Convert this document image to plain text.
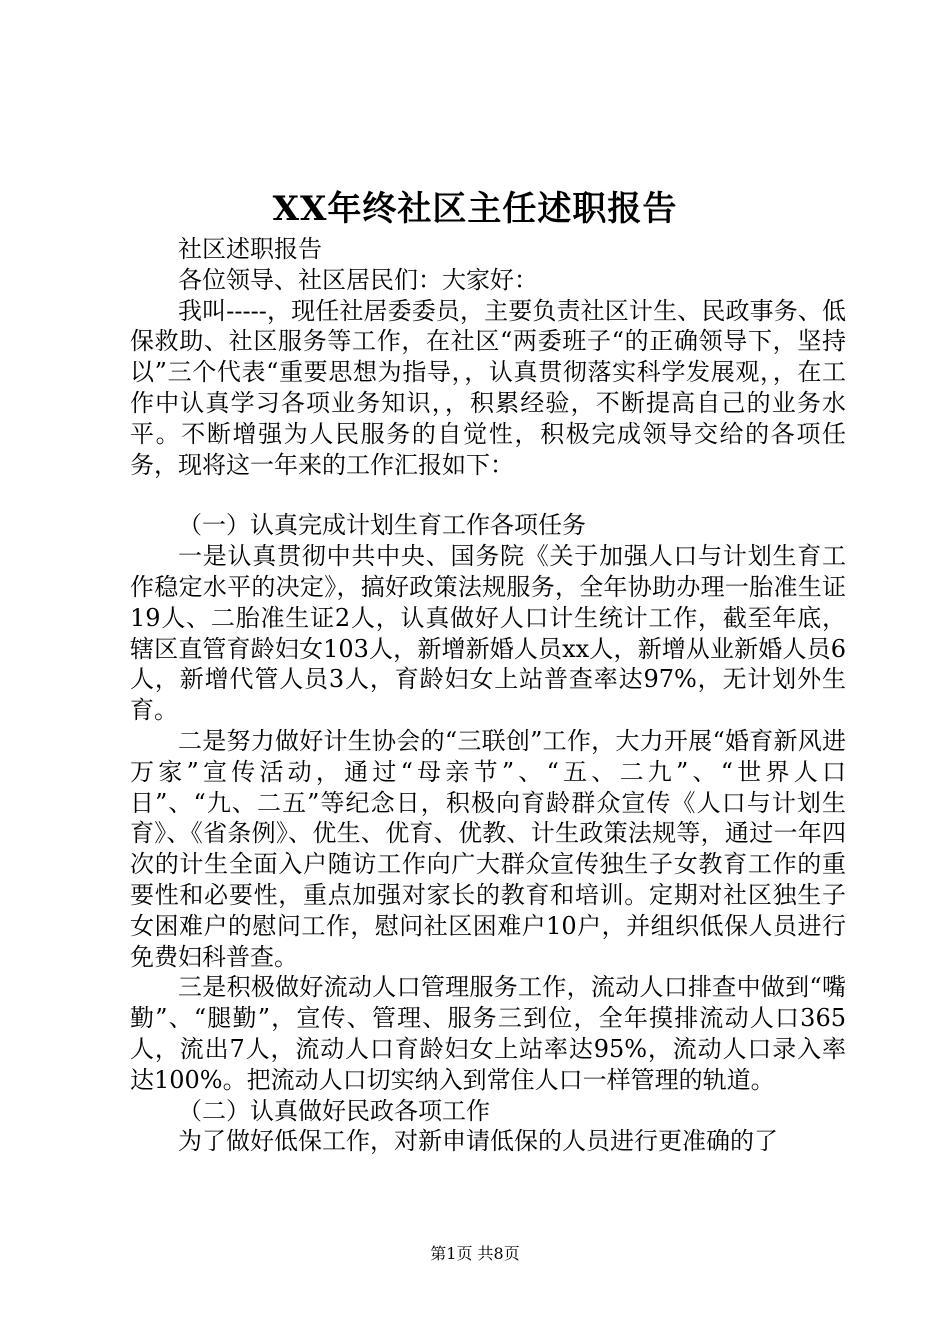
XX年终社区主任述职报告

社区述职报告

各位领导、社区居民们：大家好：

我叫-----，现任社居委委员，主要负责社区计生、民政事务、低保救助、社区服务等工作，在社区“两委班子“的正确领导下，坚持以”三个代表“重要思想为指导，，认真贯彻落实科学发展观，，在工作中认真学习各项业务知识，，积累经验，不断提高自己的业务水平。不断增强为人民服务的自觉性，积极完成领导交给的各项任务，现将这一年来的工作汇报如下：

（一）认真完成计划生育工作各项任务

一是认真贯彻中共中央、国务院《关于加强人口与计划生育工作稳定水平的决定》，搞好政策法规服务，全年协助办理一胎准生证19人、二胎准生证2人，认真做好人口计生统计工作，截至年底，辖区直管育龄妇女103人，新增新婚人员xx人，新增从业新婚人员6人，新增代管人员3人，育龄妇女上站普查率达97%，无计划外生育。

二是努力做好计生协会的“三联创”工作，大力开展“婚育新风进万家”宣传活动，通过“母亲节”、“五、二九”、“世界人口日”、“九、二五”等纪念日，积极向育龄群众宣传《人口与计划生育》、《省条例》、优生、优育、优教、计生政策法规等，通过一年四次的计生全面入户随访工作向广大群众宣传独生子女教育工作的重要性和必要性，重点加强对家长的教育和培训。定期对社区独生子女困难户的慰问工作，慰问社区困难户10户，并组织低保人员进行免费妇科普查。

三是积极做好流动人口管理服务工作，流动人口排查中做到“嘴勤”、“腿勤”，宣传、管理、服务三到位，全年摸排流动人口365人，流出7人，流动人口育龄妇女上站率达95%，流动人口录入率达100%。把流动人口切实纳入到常住人口一样管理的轨道。

（二）认真做好民政各项工作

为了做好低保工作，对新申请低保的人员进行更准确的了

第1页 共8页
